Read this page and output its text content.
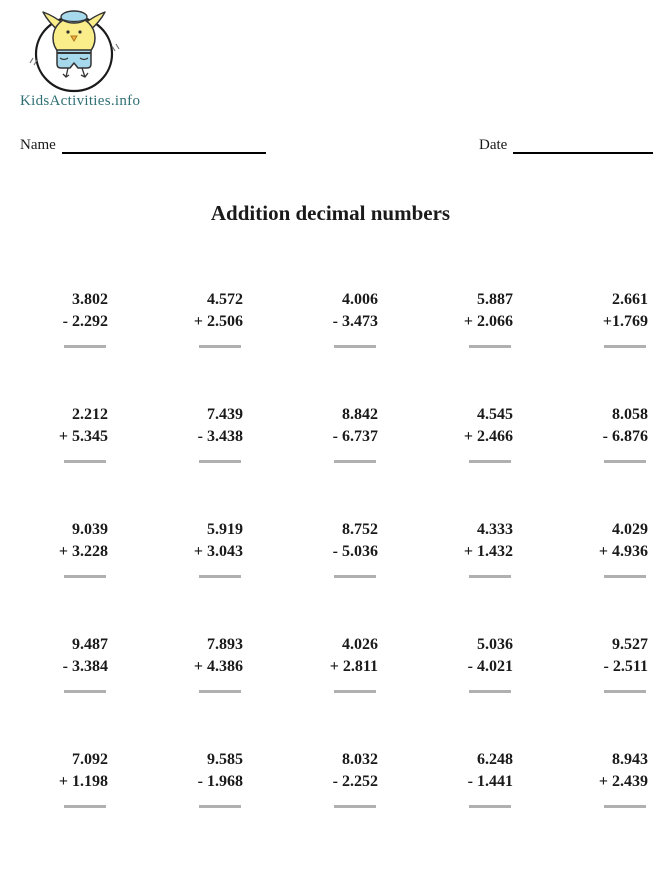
KidsActivities.info
Name	Date
Addition decimal numbers
3.802
- 2.292
4.572
+ 2.506
4.006
- 3.473
5.887
+ 2.066
2.661
+1.769
2.212
+ 5.345
7.439
- 3.438
8.842
- 6.737
4.545
+ 2.466
8.058
- 6.876
9.039
+ 3.228
5.919
+ 3.043
8.752
- 5.036
4.333
+ 1.432
4.029
+ 4.936
9.487
- 3.384
7.893
+ 4.386
4.026
+ 2.811
5.036
- 4.021
9.527
- 2.511
7.092
+ 1.198
9.585
- 1.968
8.032
- 2.252
6.248
- 1.441
8.943
+ 2.439
